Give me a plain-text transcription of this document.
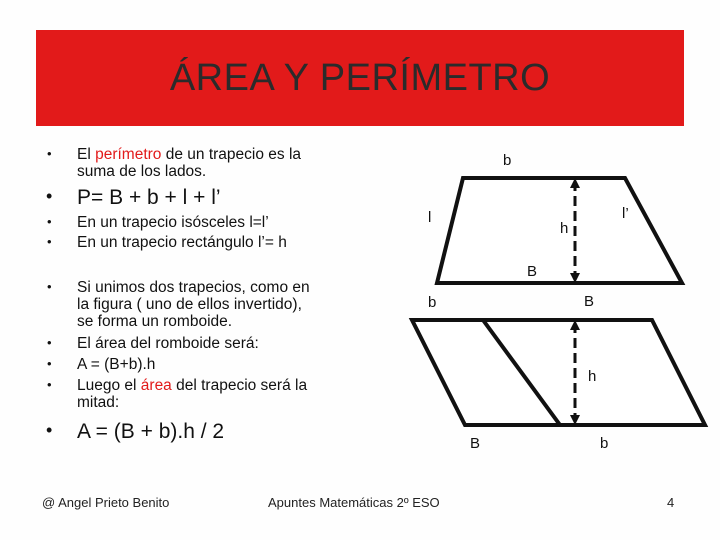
ÁREA Y PERÍMETRO
•	El perímetro de un trapecio es la
suma de los lados.
•	P= B + b + l + l’
•	En un trapecio isósceles l=l’
•	En un trapecio rectángulo l’= h
•	Si unimos dos trapecios, como en
la figura ( uno de ellos invertido),
se forma un romboide.
•	El área del romboide será:
•	A = (B+b).h
•	Luego el área del trapecio será la
mitad:
•	A = (B + b).h / 2
b
l	l’
h
B
b	B
h
B	b
@ Angel Prieto Benito	Apuntes Matemáticas 2º ESO	4
